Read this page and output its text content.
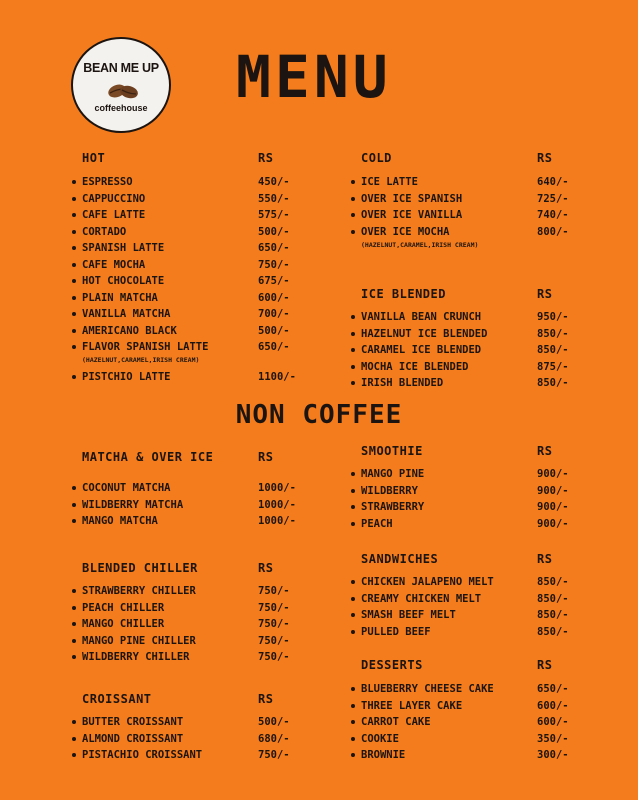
BEAN ME UP
coffeehouse	MENU
NON COFFEE
HOT	RS
ESPRESSO	450/-
CAPPUCCINO	550/-
CAFE LATTE	575/-
CORTADO	500/-
SPANISH LATTE	650/-
CAFE MOCHA	750/-
HOT CHOCOLATE	675/-
PLAIN MATCHA	600/-
VANILLA MATCHA	700/-
AMERICANO BLACK	500/-
FLAVOR SPANISH LATTE	650/-
(HAZELNUT,CARAMEL,IRISH CREAM)
PISTCHIO LATTE	1100/-
COLD	RS
ICE LATTE	640/-
OVER ICE SPANISH	725/-
OVER ICE VANILLA	740/-
OVER ICE MOCHA	800/-
(HAZELNUT,CARAMEL,IRISH CREAM)
ICE BLENDED	RS
VANILLA BEAN CRUNCH	950/-
HAZELNUT ICE BLENDED	850/-
CARAMEL ICE BLENDED	850/-
MOCHA ICE BLENDED	875/-
IRISH BLENDED	850/-
MATCHA & OVER ICE	RS
COCONUT MATCHA	1000/-
WILDBERRY MATCHA	1000/-
MANGO MATCHA	1000/-
SMOOTHIE	RS
MANGO PINE	900/-
WILDBERRY	900/-
STRAWBERRY	900/-
PEACH	900/-
BLENDED CHILLER	RS
STRAWBERRY CHILLER	750/-
PEACH CHILLER	750/-
MANGO CHILLER	750/-
MANGO PINE CHILLER	750/-
WILDBERRY CHILLER	750/-
SANDWICHES	RS
CHICKEN JALAPENO MELT	850/-
CREAMY CHICKEN MELT	850/-
SMASH BEEF MELT	850/-
PULLED BEEF	850/-
CROISSANT	RS
BUTTER CROISSANT	500/-
ALMOND CROISSANT	680/-
PISTACHIO CROISSANT	750/-
DESSERTS	RS
BLUEBERRY CHEESE CAKE	650/-
THREE LAYER CAKE	600/-
CARROT CAKE	600/-
COOKIE	350/-
BROWNIE	300/-
